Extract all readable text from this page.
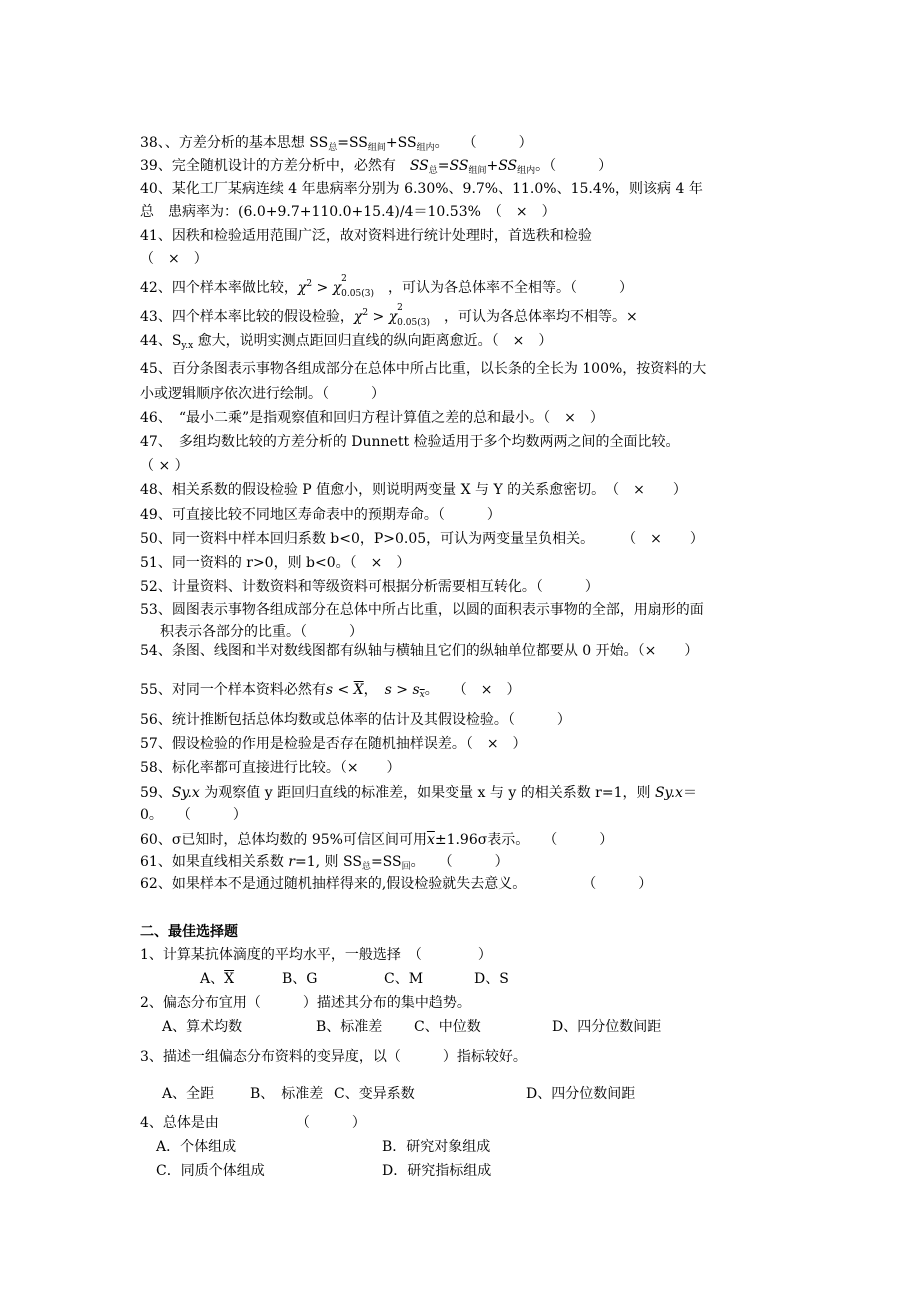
38、、方差分析的基本思想 $SS_总=SS_{组间}+SS_{组内}$。　　（　　　）
39、完全随机设计的方差分析中，必然有　 $SS_总=SS_{组间}+SS_{组内}$。（　　　）
40、某化工厂某病连续 4 年患病率分别为 6.30%、9.7%、11.0%、15.4%，则该病 4 年
总　患病率为：(6.0+9.7+110.0+15.4)/4＝10.53%　（　×　）
41、因秩和检验适用范围广泛，故对资料进行统计处理时，首选秩和检验
（　×　）
42、四个样本率做比较，$\chi^2 > \chi$
2
$_{0.05(3)}$　 ，可认为各总体率不全相等。（　　　）
43、四个样本率比较的假设检验，$\chi^2 > \chi$
2
$_{0.05(3)}$　 ，可认为各总体率均不相等。×
44、$S_{y.x}$ 愈大，说明实测点距回归直线的纵向距离愈近。（　×　）
45、百分条图表示事物各组成部分在总体中所占比重，以长条的全长为 100%，按资料的大
小或逻辑顺序依次进行绘制。（　　　）
46、　“最小二乘”是指观察值和回归方程计算值之差的总和最小。（　×　）
47、　多组均数比较的方差分析的 Dunnett 检验适用于多个均数两两之间的全面比较。
（ × ）
48、相关系数的假设检验 P 值愈小，则说明两变量 X 与 Y 的关系愈密切。　（　×　　）
49、可直接比较不同地区寿命表中的预期寿命。（　　　）
50、同一资料中样本回归系数 b<0，P>0.05，可认为两变量呈负相关。　　　（　×　　）
51、同一资料的 r>0，则 b<0。（　×　）
52、计量资料、计数资料和等级资料可根据分析需要相互转化。（　　　）
53、圆图表示事物各组成部分在总体中所占比重，以圆的面积表示事物的全部，用扇形的面
积表示各部分的比重。（　　　）
54、条图、线图和半对数线图都有纵轴与横轴且它们的纵轴单位都要从 0 开始。（×　　）
55、对同一个样本资料必然有$s < \overline{X}$，　$s > s_{\overline{x}}$。　　（　×　）
56、统计推断包括总体均数或总体率的估计及其假设检验。（　　　）
57、假设检验的作用是检验是否存在随机抽样误差。（　×　）
58、标化率都可直接进行比较。（×　　）
59、Sy.x 为观察值 y 距回归直线的标准差，如果变量 x 与 y 的相关系数 r=1，则 Sy.x＝
0。　　（　　　）
60、σ已知时，总体均数的 95%可信区间可用$\overline{x}\pm 1.96\sigma$表示。　　（　　　）
61、如果直线相关系数 r=1, 则 $SS_总=SS_回$。　　（　　　）
62、如果样本不是通过随机抽样得来的,假设检验就失去意义。　　　　　（　　　）
二、最佳选择题
1、计算某抗体滴度的平均水平，一般选择　（　　　　）
A、$\overline{X}$	B、G	C、M	D、S
2、偏态分布宜用（　　　）描述其分布的集中趋势。
A、算术均数	B、标准差 C、中位数	D、四分位数间距
3、描述一组偏态分布资料的变异度，以（　　　）指标较好。
A、全距	B、　标准差 C、变异系数	D、四分位数间距
4、总体是由　　　　　　（　　　）
A．个体组成	B．研究对象组成
C．同质个体组成	D．研究指标组成
